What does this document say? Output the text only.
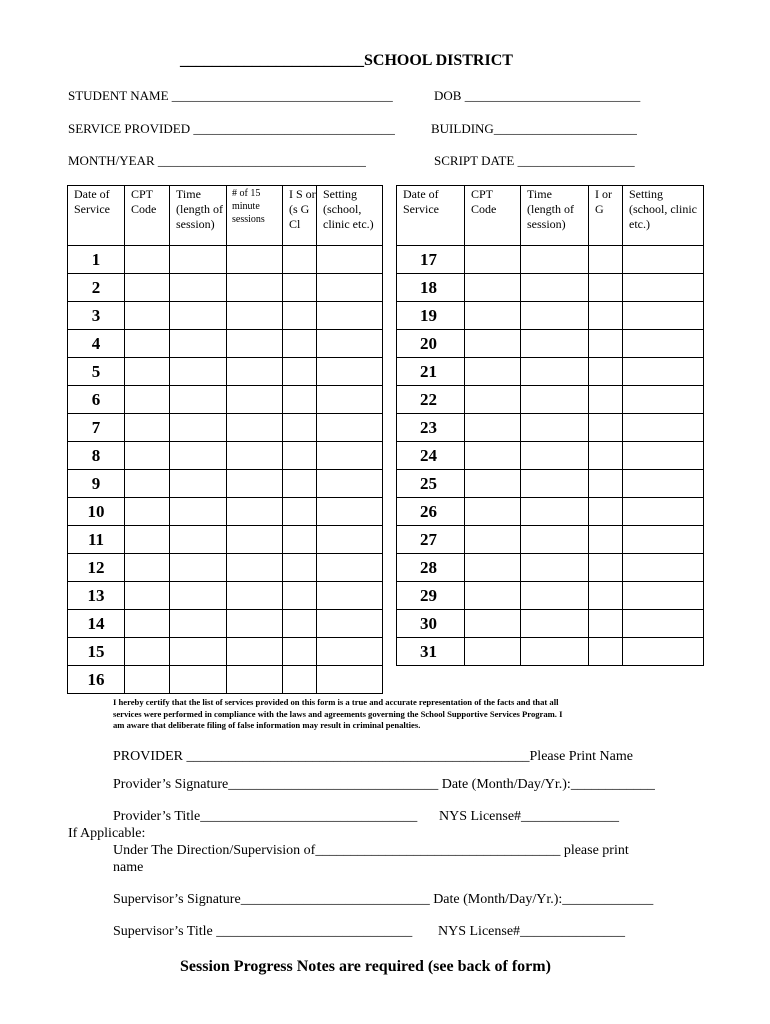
_______________________SCHOOL DISTRICT
STUDENT NAME __________________________________	DOB ___________________________
SERVICE PROVIDED _______________________________	BUILDING______________________
MONTH/YEAR ________________________________	SCRIPT DATE __________________
Date of Service	CPT Code	Time (length of session)	# of 15 minute sessions	I S or (s G Cl	Setting (school, clinic etc.)
1					
2					
3					
4					
5					
6					
7					
8					
9					
10					
11					
12					
13					
14					
15					
16					
Date of Service	CPT Code	Time (length of session)	I or G	Setting (school, clinic etc.)
17				
18				
19				
20				
21				
22				
23				
24				
25				
26				
27				
28				
29				
30				
31				
I hereby certify that the list of services provided on this form is a true and accurate representation of the facts and that all
services were performed in compliance with the laws and agreements governing the School Supportive Services Program. I
am aware that deliberate filing of false information may result in criminal penalties.
PROVIDER _________________________________________________Please Print Name
Provider’s Signature______________________________ Date (Month/Day/Yr.):____________
Provider’s Title_______________________________ NYS License#______________
If Applicable:
Under The Direction/Supervision of___________________________________ please print
name
Supervisor’s Signature___________________________ Date (Month/Day/Yr.):_____________
Supervisor’s Title ____________________________ NYS License#_______________
Session Progress Notes are required (see back of form)
